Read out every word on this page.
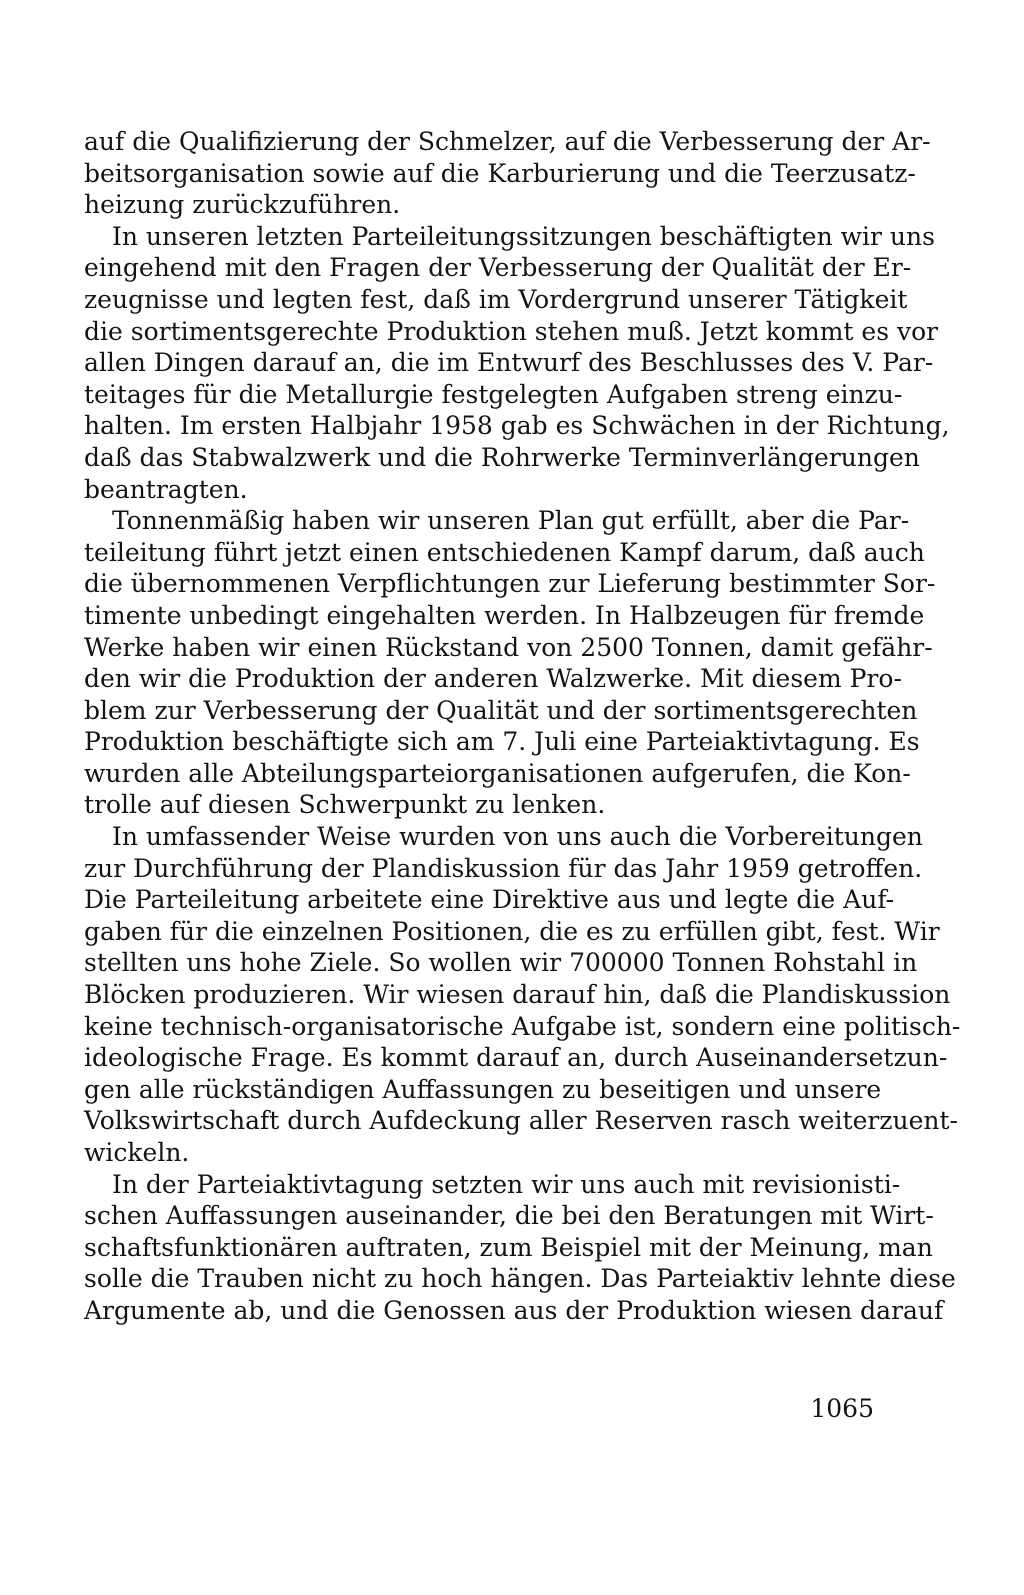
auf die Qualifizierung der Schmelzer, auf die Verbesserung der Ar-
beitsorganisation sowie auf die Karburierung und die Teerzusatz-
heizung zurückzuführen.
In unseren letzten Parteileitungssitzungen beschäftigten wir uns
eingehend mit den Fragen der Verbesserung der Qualität der Er-
zeugnisse und legten fest, daß im Vordergrund unserer Tätigkeit
die sortimentsgerechte Produktion stehen muß. Jetzt kommt es vor
allen Dingen darauf an, die im Entwurf des Beschlusses des V. Par-
teitages für die Metallurgie festgelegten Aufgaben streng einzu-
halten. Im ersten Halbjahr 1958 gab es Schwächen in der Richtung,
daß das Stabwalzwerk und die Rohrwerke Terminverlängerungen
beantragten.
Tonnenmäßig haben wir unseren Plan gut erfüllt, aber die Par-
teileitung führt jetzt einen entschiedenen Kampf darum, daß auch
die übernommenen Verpflichtungen zur Lieferung bestimmter Sor-
timente unbedingt eingehalten werden. In Halbzeugen für fremde
Werke haben wir einen Rückstand von 2500 Tonnen, damit gefähr-
den wir die Produktion der anderen Walzwerke. Mit diesem Pro-
blem zur Verbesserung der Qualität und der sortimentsgerechten
Produktion beschäftigte sich am 7. Juli eine Parteiaktivtagung. Es
wurden alle Abteilungsparteiorganisationen aufgerufen, die Kon-
trolle auf diesen Schwerpunkt zu lenken.
In umfassender Weise wurden von uns auch die Vorbereitungen
zur Durchführung der Plandiskussion für das Jahr 1959 getroffen.
Die Parteileitung arbeitete eine Direktive aus und legte die Auf-
gaben für die einzelnen Positionen, die es zu erfüllen gibt, fest. Wir
stellten uns hohe Ziele. So wollen wir 700000 Tonnen Rohstahl in
Blöcken produzieren. Wir wiesen darauf hin, daß die Plandiskussion
keine technisch-organisatorische Aufgabe ist, sondern eine politisch-
ideologische Frage. Es kommt darauf an, durch Auseinandersetzun-
gen alle rückständigen Auffassungen zu beseitigen und unsere
Volkswirtschaft durch Aufdeckung aller Reserven rasch weiterzuent-
wickeln.
In der Parteiaktivtagung setzten wir uns auch mit revisionisti-
schen Auffassungen auseinander, die bei den Beratungen mit Wirt-
schaftsfunktionären auftraten, zum Beispiel mit der Meinung, man
solle die Trauben nicht zu hoch hängen. Das Parteiaktiv lehnte diese
Argumente ab, und die Genossen aus der Produktion wiesen darauf
1065
